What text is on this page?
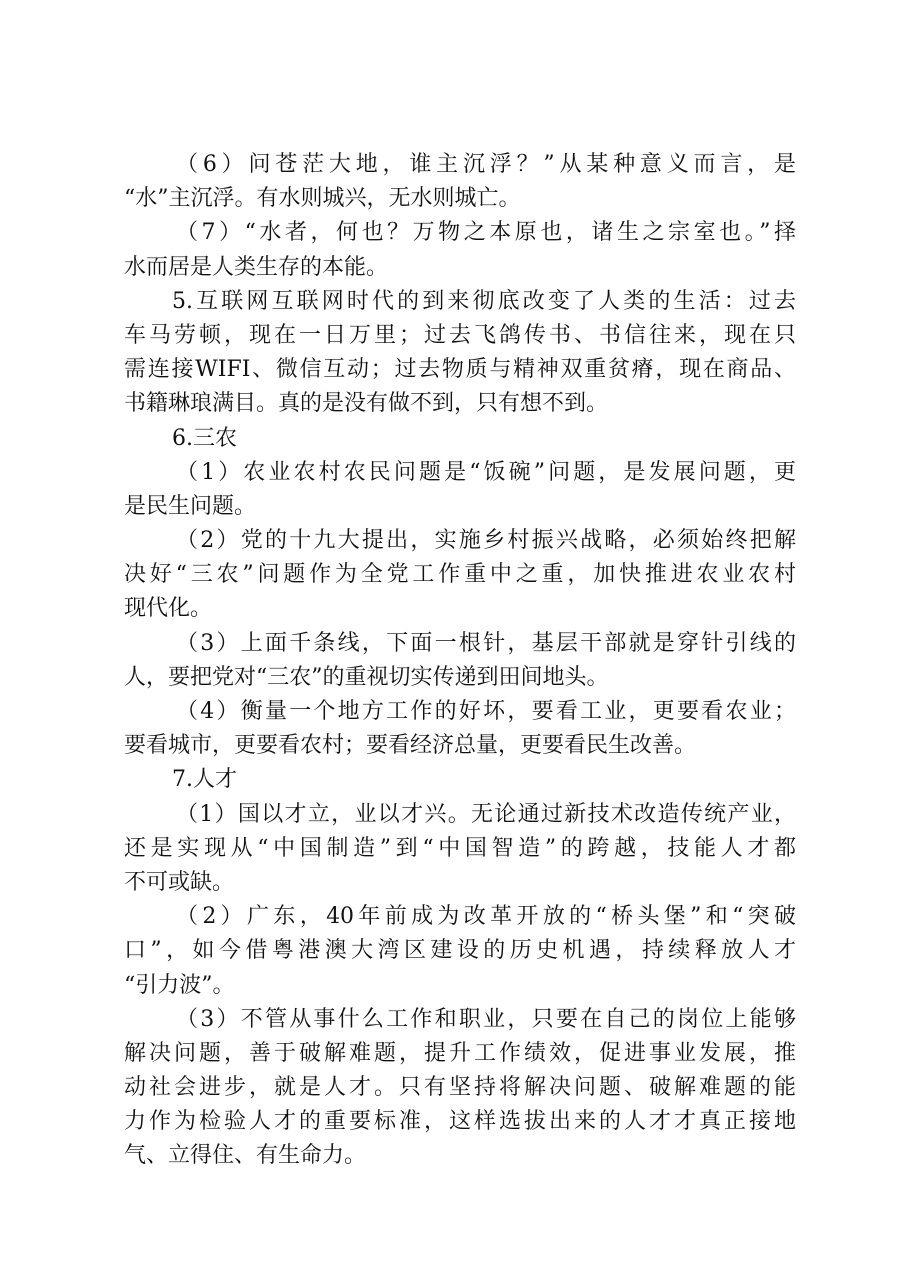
（6）问苍茫大地，谁主沉浮？”从某种意义而言，是
“水”主沉浮。有水则城兴，无水则城亡。
（7）“水者，何也？万物之本原也，诸生之宗室也。”择
水而居是人类生存的本能。
5.互联网互联网时代的到来彻底改变了人类的生活：过去
车马劳顿，现在一日万里；过去飞鸽传书、书信往来，现在只
需连接WIFI、微信互动；过去物质与精神双重贫瘠，现在商品、
书籍琳琅满目。真的是没有做不到，只有想不到。
6.三农
（1）农业农村农民问题是“饭碗”问题，是发展问题，更
是民生问题。
（2）党的十九大提出，实施乡村振兴战略，必须始终把解
决好“三农”问题作为全党工作重中之重，加快推进农业农村
现代化。
（3）上面千条线，下面一根针，基层干部就是穿针引线的
人，要把党对“三农”的重视切实传递到田间地头。
（4）衡量一个地方工作的好坏，要看工业，更要看农业；
要看城市，更要看农村；要看经济总量，更要看民生改善。
7.人才
（1）国以才立，业以才兴。无论通过新技术改造传统产业，
还是实现从“中国制造”到“中国智造”的跨越，技能人才都
不可或缺。
（2）广东，40年前成为改革开放的“桥头堡”和“突破
口”，如今借粤港澳大湾区建设的历史机遇，持续释放人才
“引力波”。
（3）不管从事什么工作和职业，只要在自己的岗位上能够
解决问题，善于破解难题，提升工作绩效，促进事业发展，推
动社会进步，就是人才。只有坚持将解决问题、破解难题的能
力作为检验人才的重要标准，这样选拔出来的人才才真正接地
气、立得住、有生命力。
